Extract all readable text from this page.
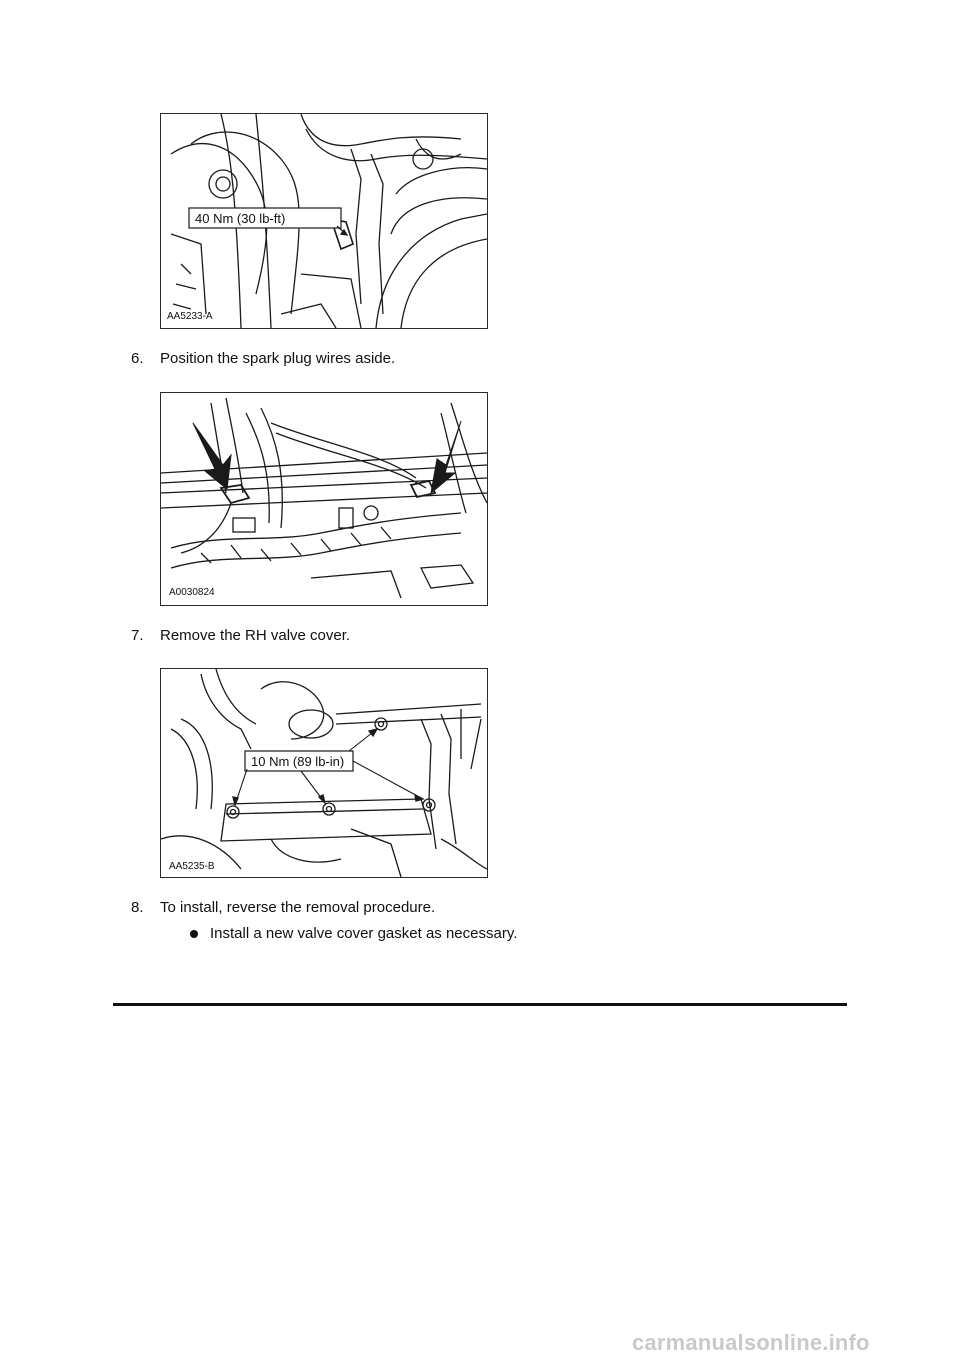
40 Nm (30 lb-ft)
AA5233-A
6.	Position the spark plug wires aside.
A0030824
7.	Remove the RH valve cover.
10 Nm (89 lb-in)
AA5235-B
8.	To install, reverse the removal procedure.
Install a new valve cover gasket as necessary.
carmanualsonline.info
